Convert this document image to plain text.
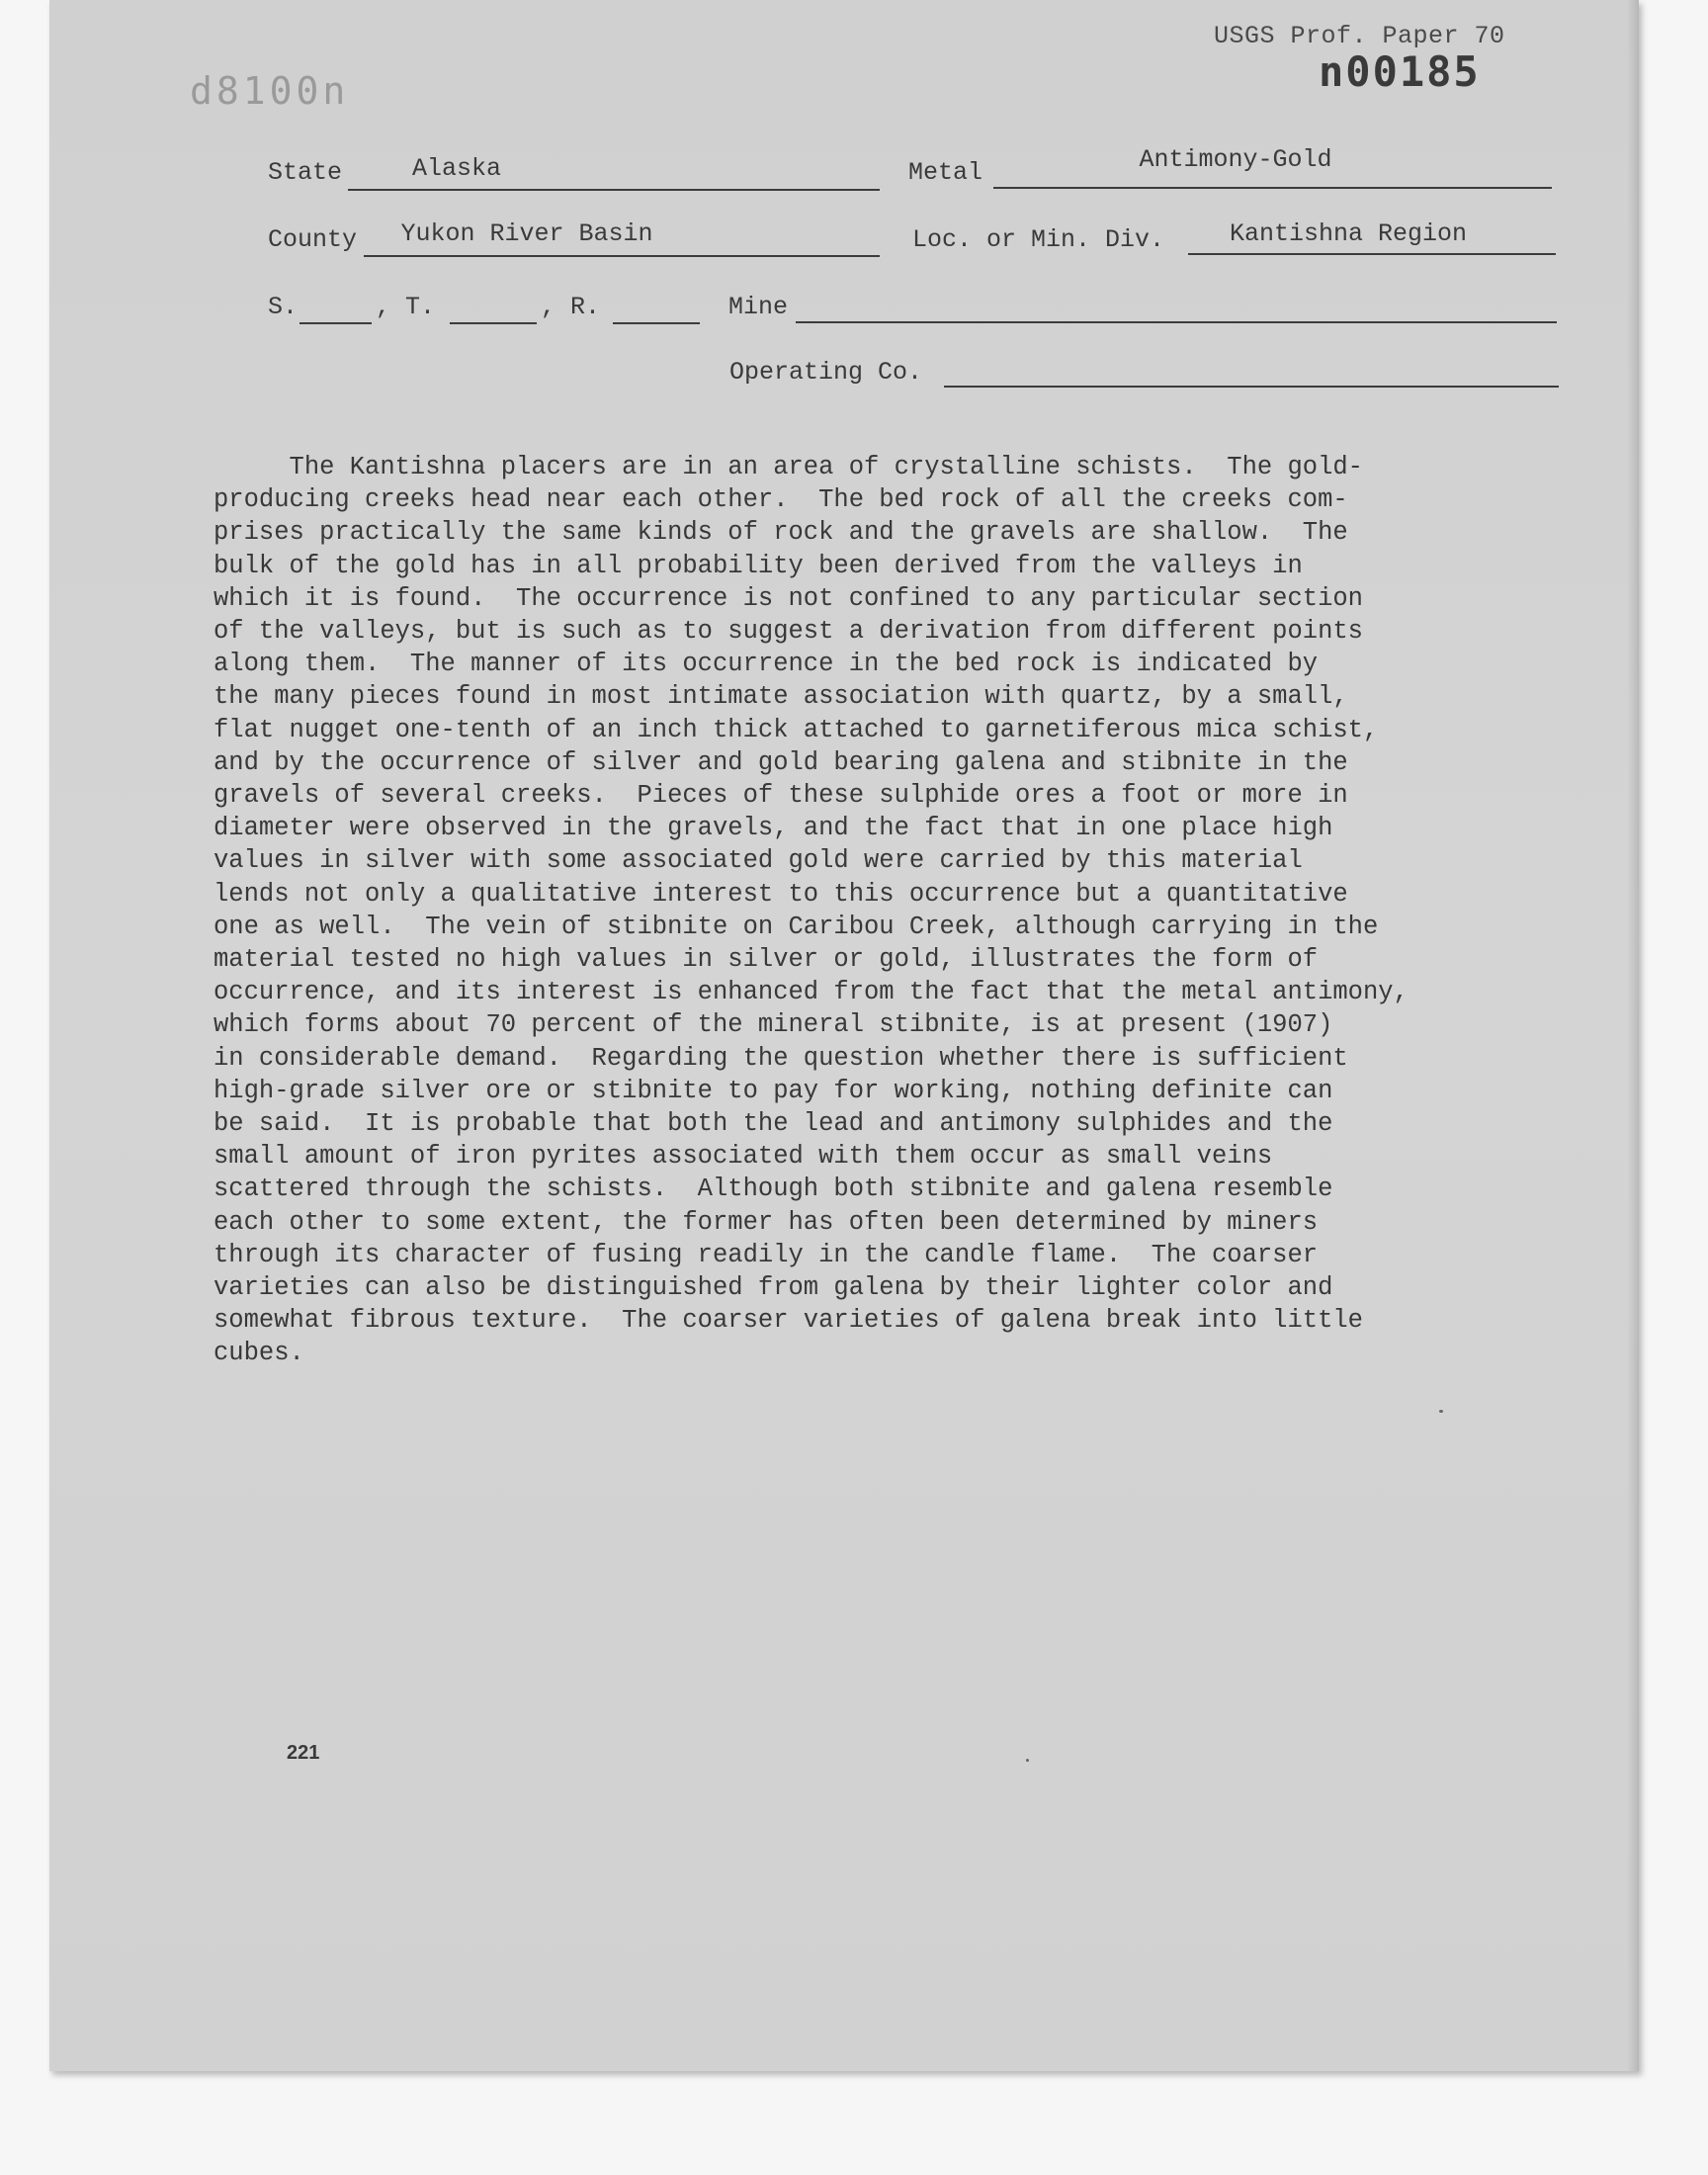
USGS Prof. Paper 70
n00185
d8100n
State	Alaska	Metal	Antimony-Gold
County	Yukon River Basin	Loc. or Min. Div.	Kantishna Region
S.	, T.	, R.	Mine
Operating Co.
The Kantishna placers are in an area of crystalline schists.  The gold-
producing creeks head near each other.  The bed rock of all the creeks com-
prises practically the same kinds of rock and the gravels are shallow.  The
bulk of the gold has in all probability been derived from the valleys in
which it is found.  The occurrence is not confined to any particular section
of the valleys, but is such as to suggest a derivation from different points
along them.  The manner of its occurrence in the bed rock is indicated by
the many pieces found in most intimate association with quartz, by a small,
flat nugget one-tenth of an inch thick attached to garnetiferous mica schist,
and by the occurrence of silver and gold bearing galena and stibnite in the
gravels of several creeks.  Pieces of these sulphide ores a foot or more in
diameter were observed in the gravels, and the fact that in one place high
values in silver with some associated gold were carried by this material
lends not only a qualitative interest to this occurrence but a quantitative
one as well.  The vein of stibnite on Caribou Creek, although carrying in the
material tested no high values in silver or gold, illustrates the form of
occurrence, and its interest is enhanced from the fact that the metal antimony,
which forms about 70 percent of the mineral stibnite, is at present (1907)
in considerable demand.  Regarding the question whether there is sufficient
high-grade silver ore or stibnite to pay for working, nothing definite can
be said.  It is probable that both the lead and antimony sulphides and the
small amount of iron pyrites associated with them occur as small veins
scattered through the schists.  Although both stibnite and galena resemble
each other to some extent, the former has often been determined by miners
through its character of fusing readily in the candle flame.  The coarser
varieties can also be distinguished from galena by their lighter color and
somewhat fibrous texture.  The coarser varieties of galena break into little
cubes.
221
